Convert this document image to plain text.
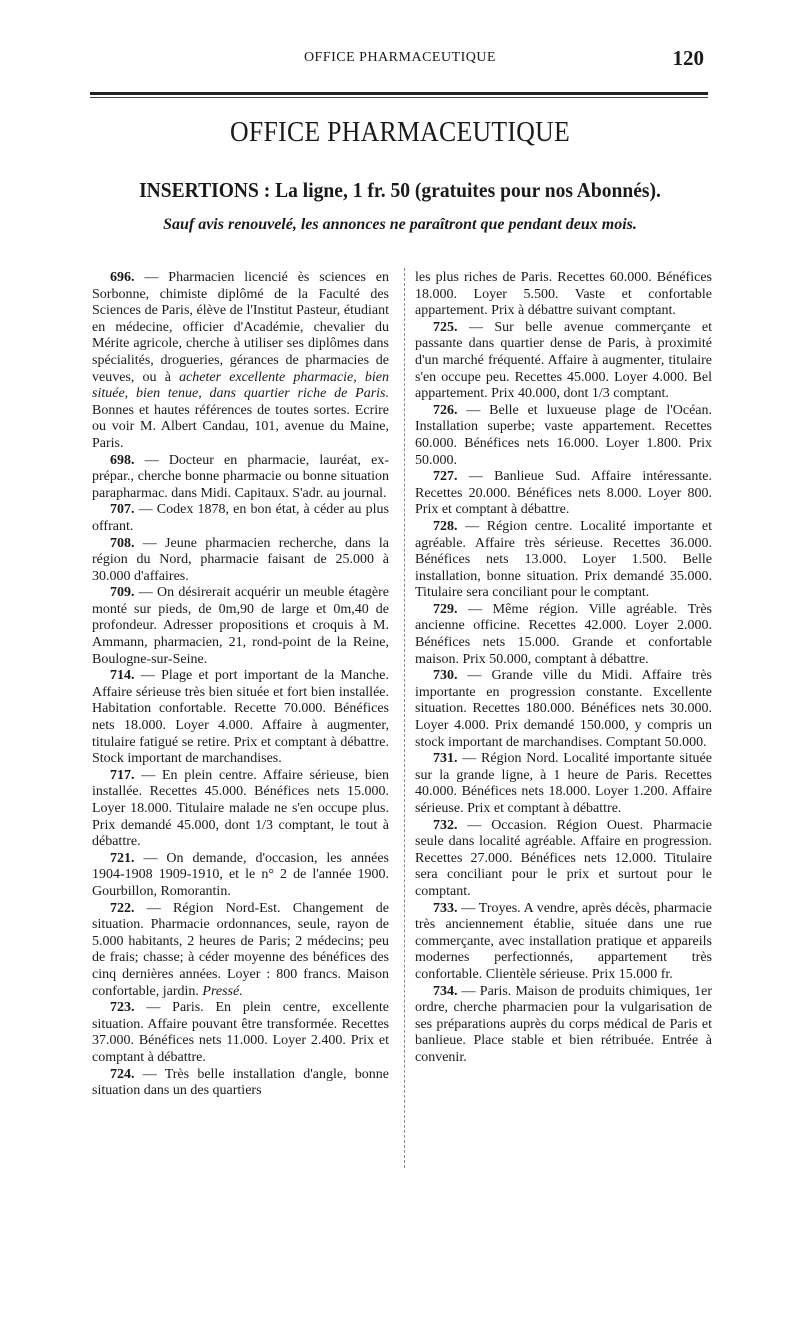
OFFICE PHARMACEUTIQUE	120
OFFICE PHARMACEUTIQUE
INSERTIONS : La ligne, 1 fr. 50 (gratuites pour nos Abonnés).
Sauf avis renouvelé, les annonces ne paraîtront que pendant deux mois.

696. — Pharmacien licencié ès sciences en Sorbonne, chimiste diplômé de la Faculté des Sciences de Paris, élève de l'Institut Pasteur, étudiant en médecine, officier d'Académie, chevalier du Mérite agricole, cherche à utiliser ses diplômes dans spécialités, drogueries, gérances de pharmacies de veuves, ou à acheter excellente pharmacie, bien située, bien tenue, dans quartier riche de Paris. Bonnes et hautes références de toutes sortes. Ecrire ou voir M. Albert Candau, 101, avenue du Maine, Paris.

698. — Docteur en pharmacie, lauréat, ex-prépar., cherche bonne pharmacie ou bonne situation parapharmac. dans Midi. Capitaux. S'adr. au journal.

707. — Codex 1878, en bon état, à céder au plus offrant.

708. — Jeune pharmacien recherche, dans la région du Nord, pharmacie faisant de 25.000 à 30.000 d'affaires.

709. — On désirerait acquérir un meuble étagère monté sur pieds, de 0m,90 de large et 0m,40 de profondeur. Adresser propositions et croquis à M. Ammann, pharmacien, 21, rond-point de la Reine, Boulogne-sur-Seine.

714. — Plage et port important de la Manche. Affaire sérieuse très bien située et fort bien installée. Habitation confortable. Recette 70.000. Bénéfices nets 18.000. Loyer 4.000. Affaire à augmenter, titulaire fatigué se retire. Prix et comptant à débattre. Stock important de marchandises.

717. — En plein centre. Affaire sérieuse, bien installée. Recettes 45.000. Bénéfices nets 15.000. Loyer 18.000. Titulaire malade ne s'en occupe plus. Prix demandé 45.000, dont 1/3 comptant, le tout à débattre.

721. — On demande, d'occasion, les années 1904-1908 1909-1910, et le n° 2 de l'année 1900. Gourbillon, Romorantin.

722. — Région Nord-Est. Changement de situation. Pharmacie ordonnances, seule, rayon de 5.000 habitants, 2 heures de Paris; 2 médecins; peu de frais; chasse; à céder moyenne des bénéfices des cinq dernières années. Loyer : 800 francs. Maison confortable, jardin. Pressé.

723. — Paris. En plein centre, excellente situation. Affaire pouvant être transformée. Recettes 37.000. Bénéfices nets 11.000. Loyer 2.400. Prix et comptant à débattre.

724. — Très belle installation d'angle, bonne situation dans un des quartiers

les plus riches de Paris. Recettes 60.000. Bénéfices 18.000. Loyer 5.500. Vaste et confortable appartement. Prix à débattre suivant comptant.

725. — Sur belle avenue commerçante et passante dans quartier dense de Paris, à proximité d'un marché fréquenté. Affaire à augmenter, titulaire s'en occupe peu. Recettes 45.000. Loyer 4.000. Bel appartement. Prix 40.000, dont 1/3 comptant.

726. — Belle et luxueuse plage de l'Océan. Installation superbe; vaste appartement. Recettes 60.000. Bénéfices nets 16.000. Loyer 1.800. Prix 50.000.

727. — Banlieue Sud. Affaire intéressante. Recettes 20.000. Bénéfices nets 8.000. Loyer 800. Prix et comptant à débattre.

728. — Région centre. Localité importante et agréable. Affaire très sérieuse. Recettes 36.000. Bénéfices nets 13.000. Loyer 1.500. Belle installation, bonne situation. Prix demandé 35.000. Titulaire sera conciliant pour le comptant.

729. — Même région. Ville agréable. Très ancienne officine. Recettes 42.000. Loyer 2.000. Bénéfices nets 15.000. Grande et confortable maison. Prix 50.000, comptant à débattre.

730. — Grande ville du Midi. Affaire très importante en progression constante. Excellente situation. Recettes 180.000. Bénéfices nets 30.000. Loyer 4.000. Prix demandé 150.000, y compris un stock important de marchandises. Comptant 50.000.

731. — Région Nord. Localité importante située sur la grande ligne, à 1 heure de Paris. Recettes 40.000. Bénéfices nets 18.000. Loyer 1.200. Affaire sérieuse. Prix et comptant à débattre.

732. — Occasion. Région Ouest. Pharmacie seule dans localité agréable. Affaire en progression. Recettes 27.000. Bénéfices nets 12.000. Titulaire sera conciliant pour le prix et surtout pour le comptant.

733. — Troyes. A vendre, après décès, pharmacie très anciennement établie, située dans une rue commerçante, avec installation pratique et appareils modernes perfectionnés, appartement très confortable. Clientèle sérieuse. Prix 15.000 fr.

734. — Paris. Maison de produits chimiques, 1er ordre, cherche pharmacien pour la vulgarisation de ses préparations auprès du corps médical de Paris et banlieue. Place stable et bien rétribuée. Entrée à convenir.
